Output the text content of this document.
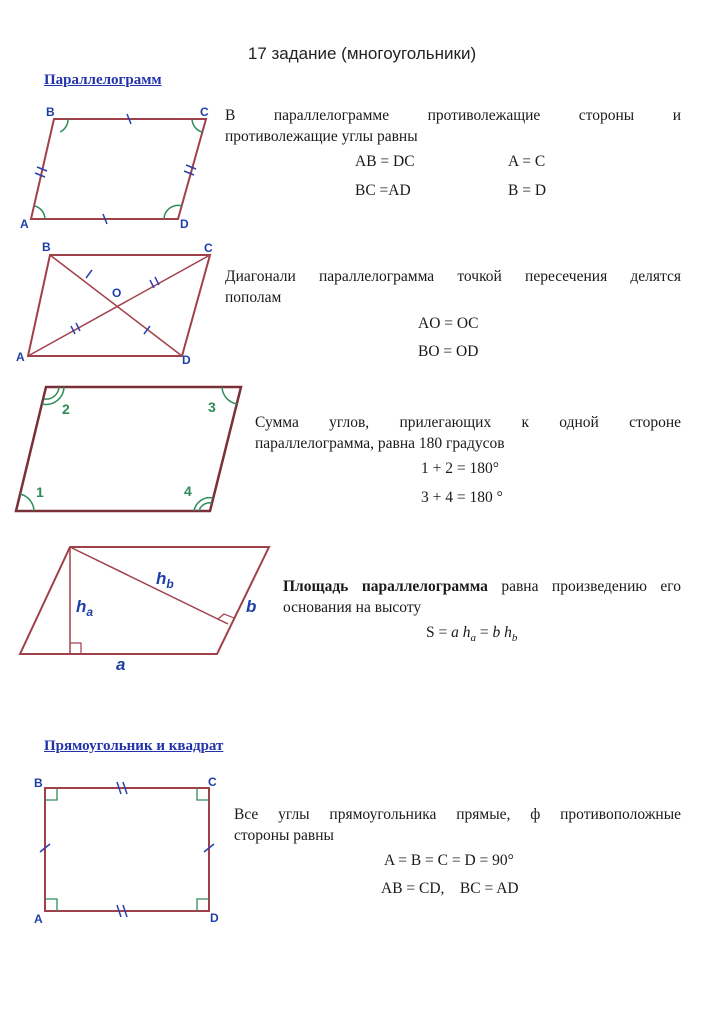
17 задание (многоугольники)
Параллелограмм
B	C
A	D
В параллелограмме противолежащие стороны и
противолежащие углы равны
AB = DC	A = C
BC =AD	B = D
B	C
A	D
O
Диагонали параллелограмма точкой пересечения делятся
пополам
AO = OC
BO = OD
2	3
1	4
Сумма углов, прилегающих к одной стороне
параллелограмма, равна 180 градусов
1 + 2 = 180°
3 + 4 = 180 °
$h_a$
$h_b$
a
b
Площадь параллелограмма равна произведению его
основания на высоту
S = a $h_a = b$ $h_b$
Прямоугольник и квадрат
B	C
A	D
Все углы прямоугольника прямые, ф противоположные
стороны равны
A = B = C = D = 90°
AB = CD,    BC = AD
